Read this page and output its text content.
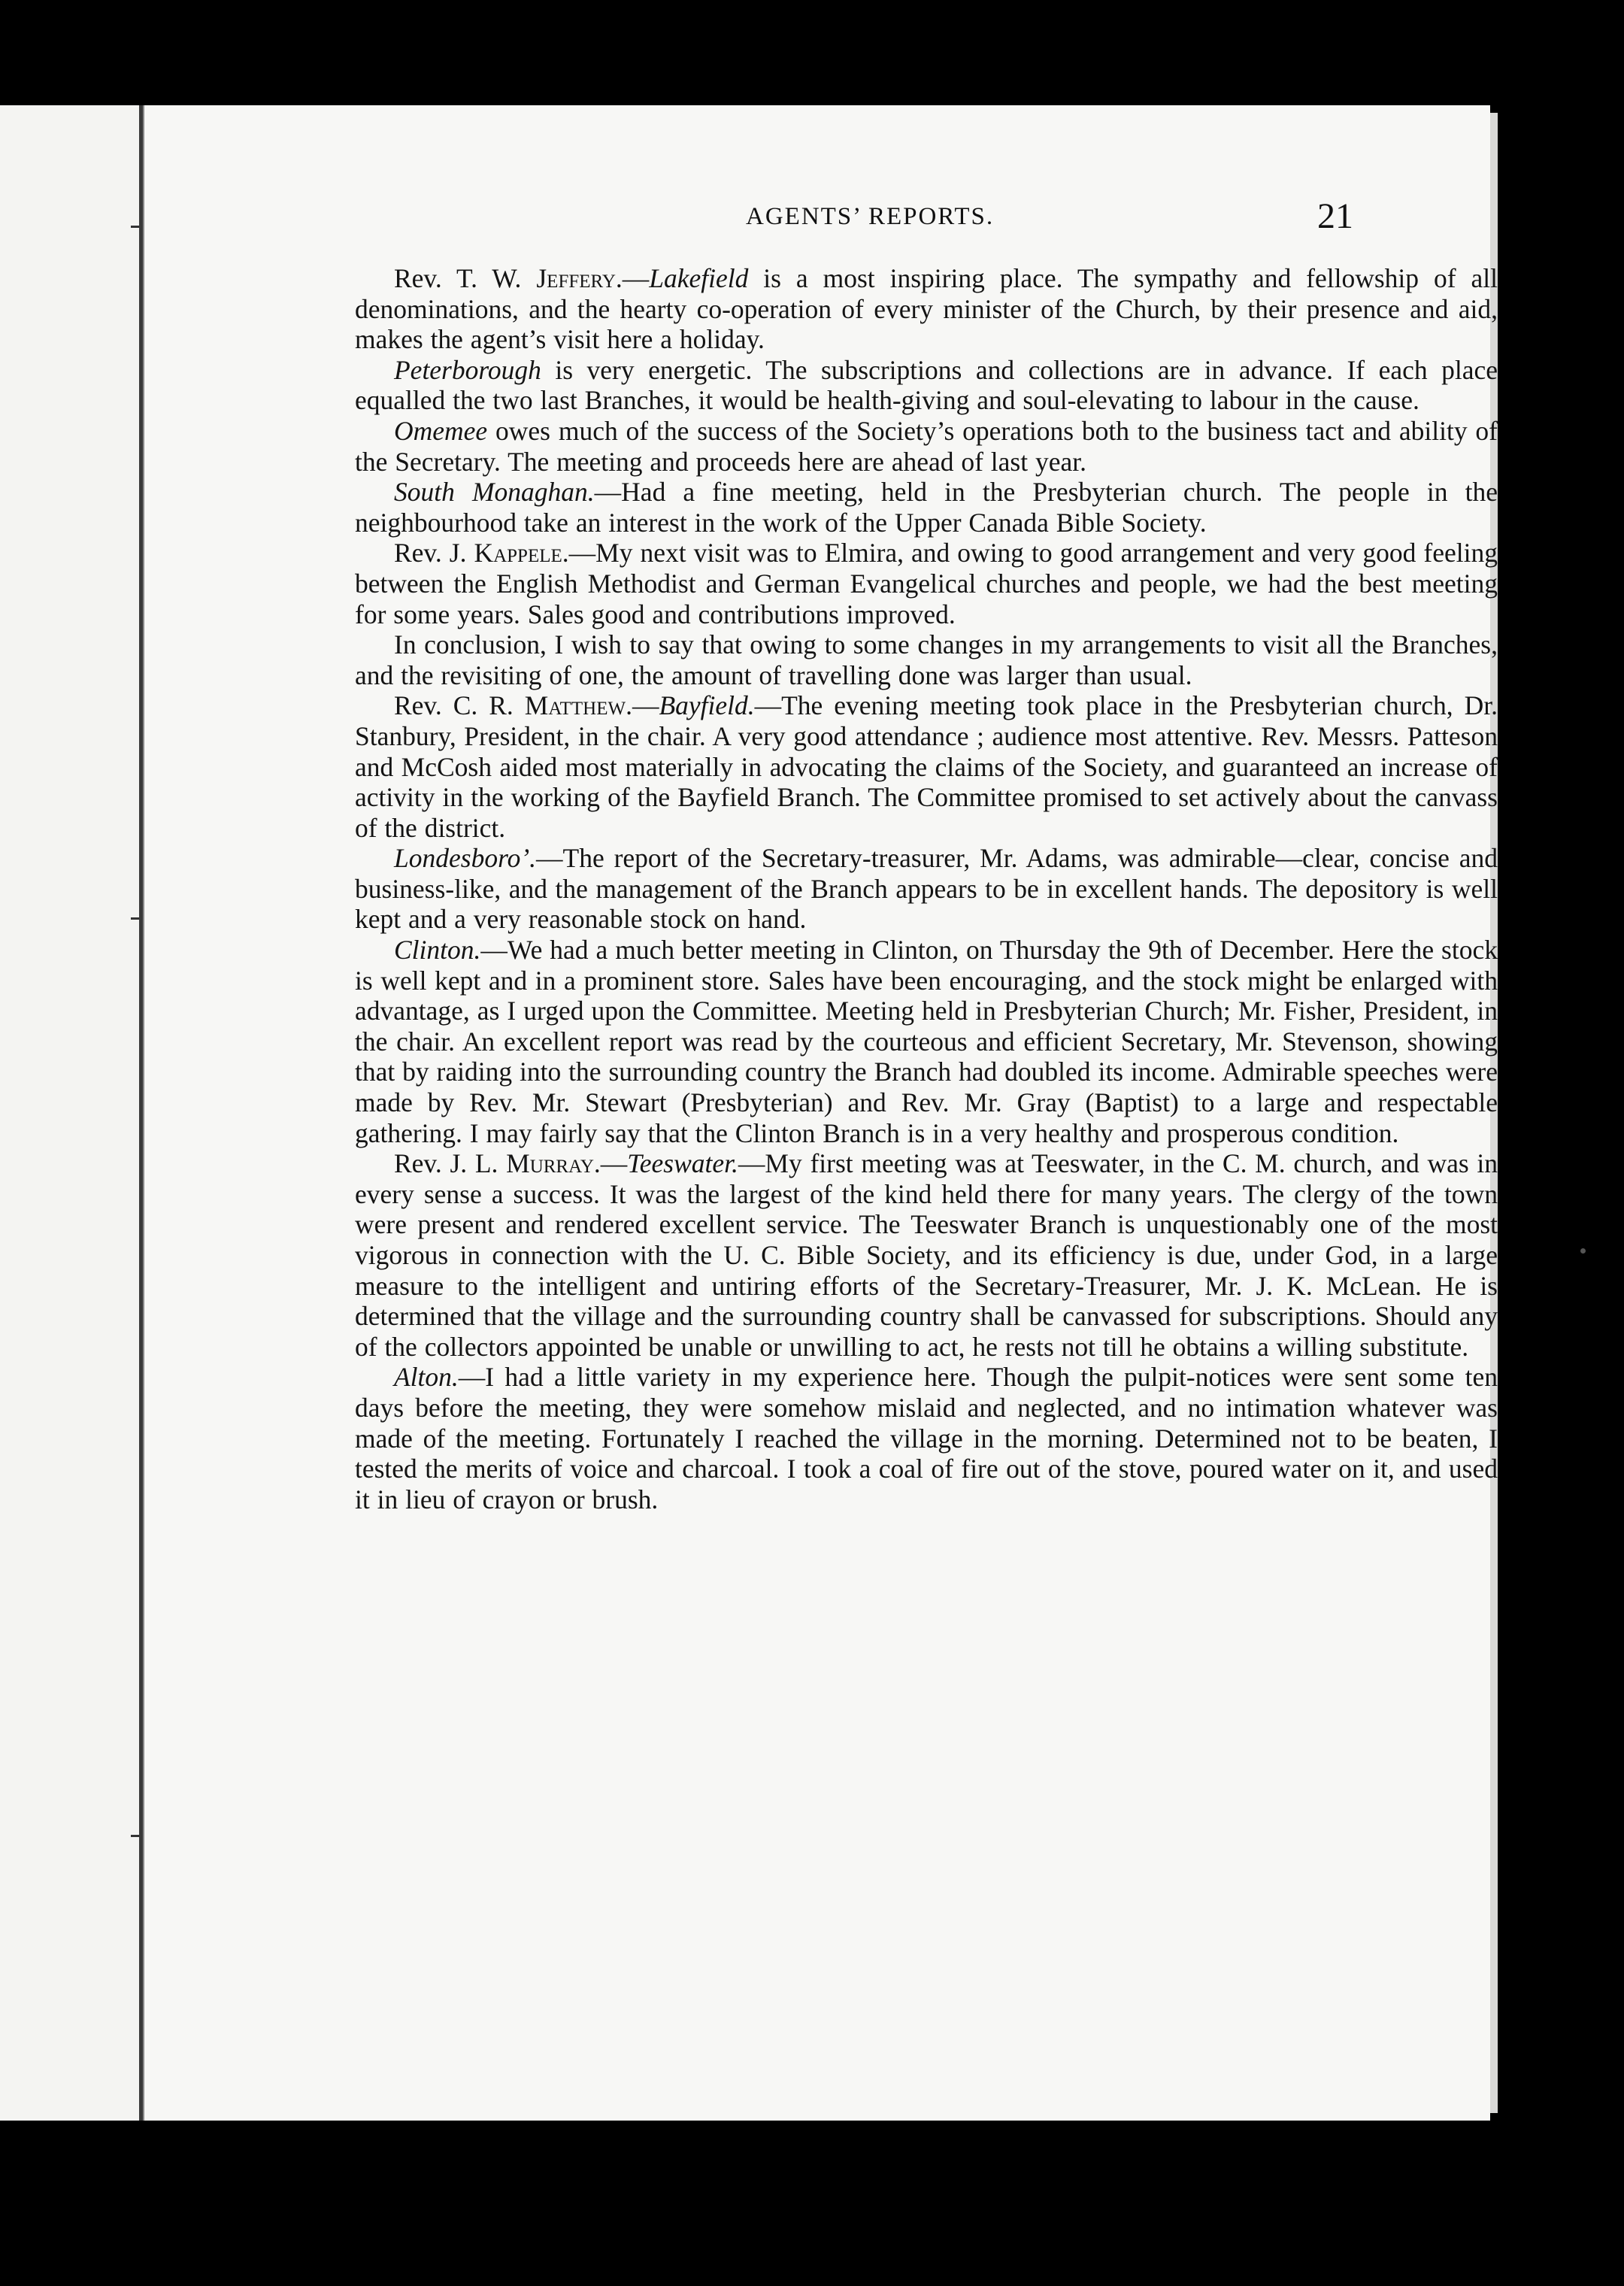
AGENTS’ REPORTS.	21

Rev. T. W. Jeffery.—Lakefield is a most inspiring place. The sympathy and fellowship of all denominations, and the hearty co-operation of every minister of the Church, by their presence and aid, makes the agent’s visit here a holiday.

Peterborough is very energetic. The subscriptions and collections are in advance. If each place equalled the two last Branches, it would be health-giving and soul-elevating to labour in the cause.

Omemee owes much of the success of the Society’s operations both to the business tact and ability of the Secretary. The meeting and proceeds here are ahead of last year.

South Monaghan.—Had a fine meeting, held in the Presbyterian church. The people in the neighbourhood take an interest in the work of the Upper Canada Bible Society.

Rev. J. Kappele.—My next visit was to Elmira, and owing to good arrangement and very good feeling between the English Methodist and German Evangelical churches and people, we had the best meeting for some years. Sales good and contributions improved.

In conclusion, I wish to say that owing to some changes in my arrangements to visit all the Branches, and the revisiting of one, the amount of travelling done was larger than usual.

Rev. C. R. Matthew.—Bayfield.—The evening meeting took place in the Presbyterian church, Dr. Stanbury, President, in the chair. A very good attendance ; audience most attentive. Rev. Messrs. Patteson and McCosh aided most materially in advocating the claims of the Society, and guaranteed an increase of activity in the working of the Bayfield Branch. The Committee promised to set actively about the canvass of the district.

Londesboro’.—The report of the Secretary-treasurer, Mr. Adams, was admirable—clear, concise and business-like, and the management of the Branch appears to be in excellent hands. The depository is well kept and a very reasonable stock on hand.

Clinton.—We had a much better meeting in Clinton, on Thursday the 9th of December. Here the stock is well kept and in a prominent store. Sales have been encouraging, and the stock might be enlarged with advantage, as I urged upon the Committee. Meeting held in Presbyterian Church; Mr. Fisher, President, in the chair. An excellent report was read by the courteous and efficient Secretary, Mr. Stevenson, showing that by raiding into the surrounding country the Branch had doubled its income. Admirable speeches were made by Rev. Mr. Stewart (Presbyterian) and Rev. Mr. Gray (Baptist) to a large and respectable gathering. I may fairly say that the Clinton Branch is in a very healthy and prosperous condition.

Rev. J. L. Murray.—Teeswater.—My first meeting was at Teeswater, in the C. M. church, and was in every sense a success. It was the largest of the kind held there for many years. The clergy of the town were present and rendered excellent service. The Teeswater Branch is unquestionably one of the most vigorous in connection with the U. C. Bible Society, and its efficiency is due, under God, in a large measure to the intelligent and untiring efforts of the Secretary-Treasurer, Mr. J. K. McLean. He is determined that the village and the surrounding country shall be canvassed for subscriptions. Should any of the collectors appointed be unable or unwilling to act, he rests not till he obtains a willing substitute.

Alton.—I had a little variety in my experience here. Though the pulpit-notices were sent some ten days before the meeting, they were somehow mislaid and neglected, and no intimation whatever was made of the meeting. Fortunately I reached the village in the morning. Determined not to be beaten, I tested the merits of voice and charcoal. I took a coal of fire out of the stove, poured water on it, and used it in lieu of crayon or brush.
